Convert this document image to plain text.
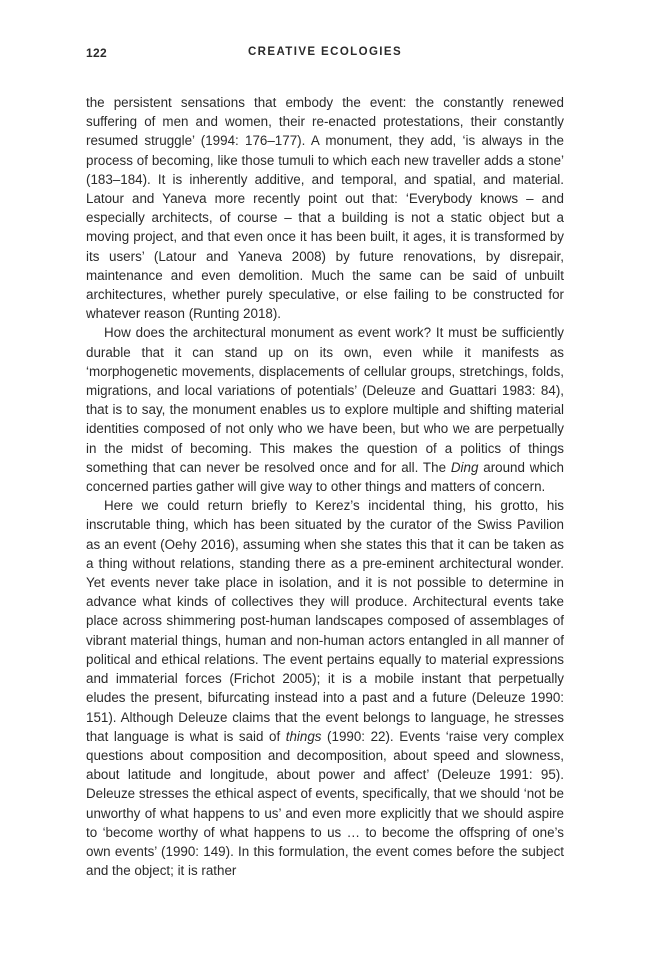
122	CREATIVE ECOLOGIES

the persistent sensations that embody the event: the constantly renewed suffering of men and women, their re-enacted protestations, their constantly resumed struggle’ (1994: 176–177). A monument, they add, ‘is always in the process of becoming, like those tumuli to which each new traveller adds a stone’ (183–184). It is inherently additive, and temporal, and spatial, and material. Latour and Yaneva more recently point out that: ‘Everybody knows – and especially architects, of course – that a building is not a static object but a moving project, and that even once it has been built, it ages, it is transformed by its users’ (Latour and Yaneva 2008) by future renovations, by disrepair, maintenance and even demolition. Much the same can be said of unbuilt architectures, whether purely speculative, or else failing to be constructed for whatever reason (Runting 2018).

How does the architectural monument as event work? It must be sufficiently durable that it can stand up on its own, even while it manifests as ‘morphogenetic movements, displacements of cellular groups, stretchings, folds, migrations, and local variations of potentials’ (Deleuze and Guattari 1983: 84), that is to say, the monument enables us to explore multiple and shifting material identities composed of not only who we have been, but who we are perpetually in the midst of becoming. This makes the question of a politics of things something that can never be resolved once and for all. The Ding around which concerned parties gather will give way to other things and matters of concern.

Here we could return briefly to Kerez’s incidental thing, his grotto, his inscrutable thing, which has been situated by the curator of the Swiss Pavilion as an event (Oehy 2016), assuming when she states this that it can be taken as a thing without relations, standing there as a pre-eminent architectural wonder. Yet events never take place in isolation, and it is not possible to determine in advance what kinds of collectives they will produce. Architectural events take place across shimmering post-human landscapes composed of assemblages of vibrant material things, human and non-human actors entangled in all manner of political and ethical relations. The event pertains equally to material expressions and immaterial forces (Frichot 2005); it is a mobile instant that perpetually eludes the present, bifurcating instead into a past and a future (Deleuze 1990: 151). Although Deleuze claims that the event belongs to language, he stresses that language is what is said of things (1990: 22). Events ‘raise very complex questions about composition and decomposition, about speed and slowness, about latitude and longitude, about power and affect’ (Deleuze 1991: 95). Deleuze stresses the ethical aspect of events, specifically, that we should ‘not be unworthy of what happens to us’ and even more explicitly that we should aspire to ‘become worthy of what happens to us … to become the offspring of one’s own events’ (1990: 149). In this formulation, the event comes before the subject and the object; it is rather
